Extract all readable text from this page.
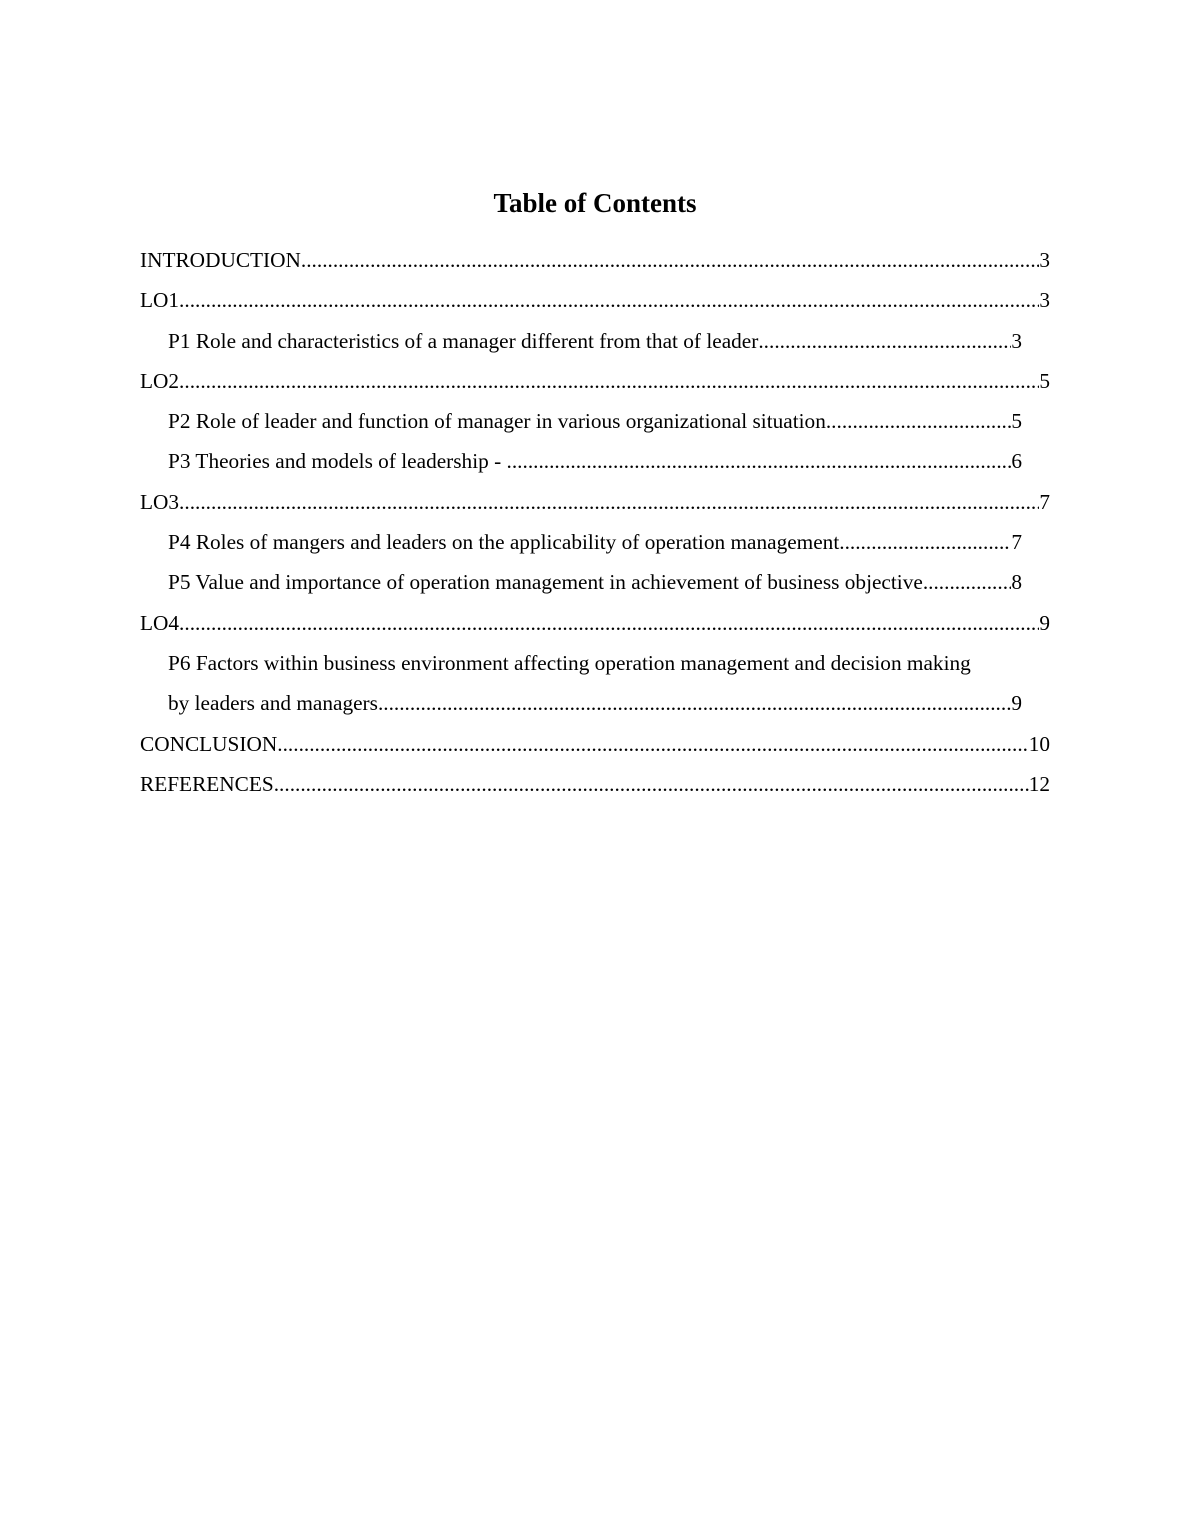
Table of Contents
INTRODUCTION .....	3
LO1 .....	3
P1 Role and characteristics of a manager different from that of leader .....	3
LO2 .....	5
P2 Role of leader and function of manager in various organizational situation .....	5
P3 Theories and models of leadership - .....	6
LO3 .....	7
P4 Roles of mangers and leaders on the applicability of operation management .....	7
P5 Value and importance of operation management in achievement of business objective .....	8
LO4 .....	9
P6 Factors within business environment affecting operation management and decision making
by leaders and managers .....	9
CONCLUSION .....	10
REFERENCES .....	12
